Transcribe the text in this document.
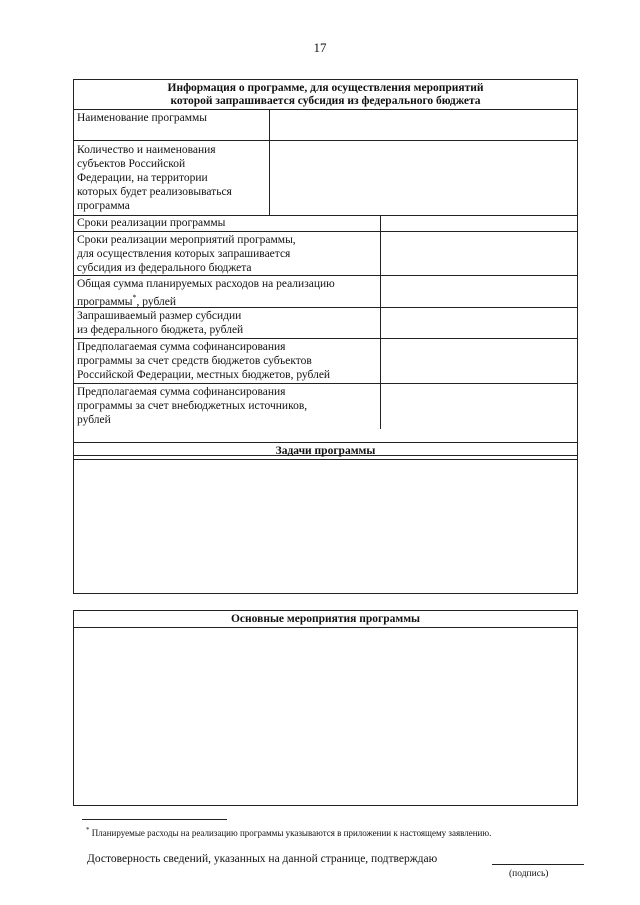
17
Информация о программе, для осуществления мероприятий
которой запрашивается субсидия из федерального бюджета
Наименование программы
Количество и наименования
субъектов Российской
Федерации, на территории
которых будет реализовываться
программа
Сроки реализации программы
Сроки реализации мероприятий программы,
для осуществления которых запрашивается
субсидия из федерального бюджета
Общая сумма планируемых расходов на реализацию
программы*, рублей
Запрашиваемый размер субсидии
из федерального бюджета, рублей
Предполагаемая сумма софинансирования
программы за счет средств бюджетов субъектов
Российской Федерации, местных бюджетов, рублей
Предполагаемая сумма софинансирования
программы за счет внебюджетных источников,
рублей
Задачи программы
Основные мероприятия программы
* Планируемые расходы на реализацию программы указываются в приложении к настоящему заявлению.
Достоверность сведений, указанных на данной странице, подтверждаю
(подпись)
